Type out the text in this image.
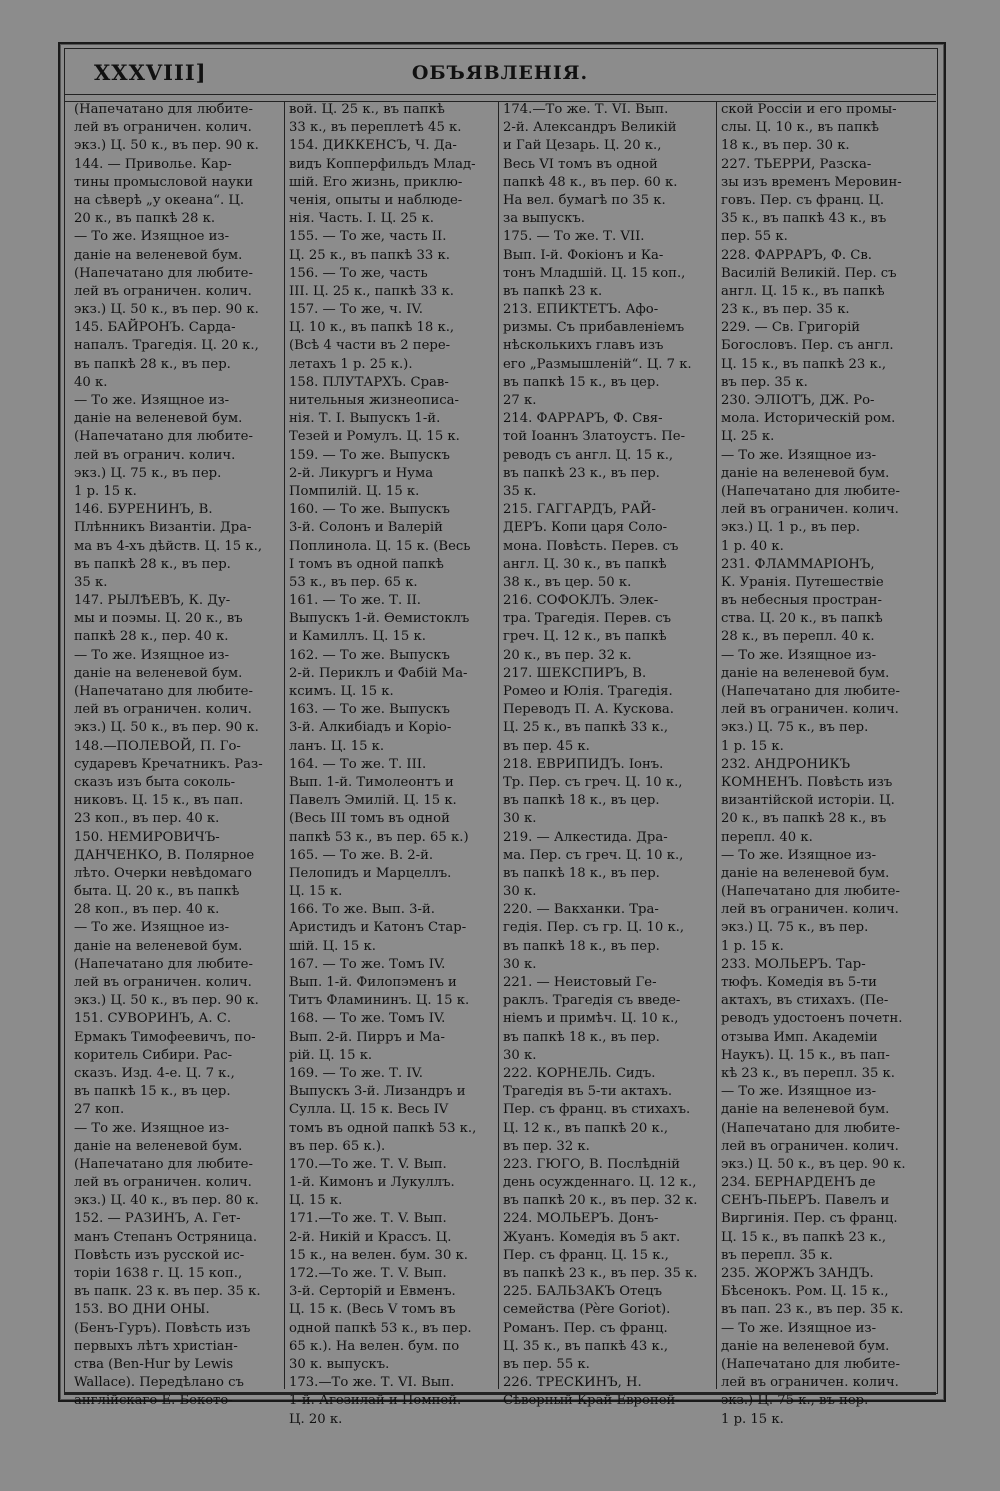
XXXVIII]	ОБЪЯВЛЕНІЯ.
(Напечатано для любите-
лей въ ограничен. колич.
экз.) Ц. 50 к., въ пер. 90 к.
144. — Приволье. Кар-
тины промысловой науки
на сѣверѣ „у океана“. Ц.
20 к., въ папкѣ 28 к.
— То же. Изящное из-
даніе на веленевой бум.
(Напечатано для любите-
лей въ ограничен. колич.
экз.) Ц. 50 к., въ пер. 90 к.
145. БАЙРОНЪ. Сарда-
напалъ. Трагедія. Ц. 20 к.,
въ папкѣ 28 к., въ пер.
40 к.
— То же. Изящное из-
даніе на веленевой бум.
(Напечатано для любите-
лей въ огранич. колич.
экз.) Ц. 75 к., въ пер.
1 р. 15 к.
146. БУРЕНИНЪ, В.
Плѣнникъ Византіи. Дра-
ма въ 4-хъ дѣйств. Ц. 15 к.,
въ папкѣ 28 к., въ пер.
35 к.
147. РЫЛѢЕВЪ, К. Ду-
мы и поэмы. Ц. 20 к., въ
папкѣ 28 к., пер. 40 к.
— То же. Изящное из-
даніе на веленевой бум.
(Напечатано для любите-
лей въ ограничен. колич.
экз.) Ц. 50 к., въ пер. 90 к.
148.—ПОЛЕВОЙ, П. Го-
сударевъ Кречатникъ. Раз-
сказъ изъ быта соколь-
никовъ. Ц. 15 к., въ пап.
23 коп., въ пер. 40 к.
150. НЕМИРОВИЧЪ-
ДАНЧЕНКО, В. Полярное
лѣто. Очерки невѣдомаго
быта. Ц. 20 к., въ папкѣ
28 коп., въ пер. 40 к.
— То же. Изящное из-
даніе на веленевой бум.
(Напечатано для любите-
лей въ ограничен. колич.
экз.) Ц. 50 к., въ пер. 90 к.
151. СУВОРИНЪ, А. С.
Ермакъ Тимофеевичъ, по-
коритель Сибири. Рас-
сказъ. Изд. 4-е. Ц. 7 к.,
въ папкѣ 15 к., въ цер.
27 коп.
— То же. Изящное из-
даніе на веленевой бум.
(Напечатано для любите-
лей въ ограничен. колич.
экз.) Ц. 40 к., въ пер. 80 к.
152. — РАЗИНЪ, А. Гет-
манъ Степанъ Остряница.
Повѣсть изъ русской ис-
торіи 1638 г. Ц. 15 коп.,
въ папк. 23 к. въ пер. 35 к.
153. ВО ДНИ ОНЫ.
(Бенъ-Гуръ). Повѣсть изъ
первыхъ лѣтъ христіан-
ства (Ben-Hur by Lewis
Wallace). Передѣлано съ
англійскаго Е. Бекето-
вой. Ц. 25 к., въ папкѣ
33 к., въ переплетѣ 45 к.
154. ДИККЕНСЪ, Ч. Да-
видъ Копперфильдъ Млад-
шій. Его жизнь, приклю-
ченія, опыты и наблюде-
нія. Часть. I. Ц. 25 к.
155. — То же, часть II.
Ц. 25 к., въ папкѣ 33 к.
156. — То же, часть
III. Ц. 25 к., папкѣ 33 к.
157. — То же, ч. IV.
Ц. 10 к., въ папкѣ 18 к.,
(Всѣ 4 части въ 2 пере-
летахъ 1 р. 25 к.).
158. ПЛУТАРХЪ. Срав-
нительныя жизнеописа-
нія. Т. I. Выпускъ 1-й.
Тезей и Ромулъ. Ц. 15 к.
159. — То же. Выпускъ
2-й. Ликургъ и Нума
Помпилій. Ц. 15 к.
160. — То же. Выпускъ
3-й. Солонъ и Валерій
Поплинола. Ц. 15 к. (Весь
I томъ въ одной папкѣ
53 к., въ пер. 65 к.
161. — То же. Т. II.
Выпускъ 1-й. Ѳемистоклъ
и Камиллъ. Ц. 15 к.
162. — То же. Выпускъ
2-й. Периклъ и Фабій Ма-
ксимъ. Ц. 15 к.
163. — То же. Выпускъ
3-й. Алкибіадъ и Коріо-
ланъ. Ц. 15 к.
164. — То же. Т. III.
Вып. 1-й. Тимолеонтъ и
Павелъ Эмилій. Ц. 15 к.
(Весь III томъ въ одной
папкѣ 53 к., въ пер. 65 к.)
165. — То же. В. 2-й.
Пелопидъ и Марцеллъ.
Ц. 15 к.
166. То же. Вып. 3-й.
Аристидъ и Катонъ Стар-
шій. Ц. 15 к.
167. — То же. Томъ IV.
Вып. 1-й. Филопэменъ и
Титъ Фламининъ. Ц. 15 к.
168. — То же. Томъ IV.
Вып. 2-й. Пирръ и Ма-
рій. Ц. 15 к.
169. — То же. Т. IV.
Выпускъ 3-й. Лизандръ и
Сулла. Ц. 15 к. Весь IV
томъ въ одной папкѣ 53 к.,
въ пер. 65 к.).
170.—То же. Т. V. Вып.
1-й. Кимонъ и Лукуллъ.
Ц. 15 к.
171.—То же. Т. V. Вып.
2-й. Никій и Крассъ. Ц.
15 к., на велен. бум. 30 к.
172.—То же. Т. V. Вып.
3-й. Серторій и Евменъ.
Ц. 15 к. (Весь V томъ въ
одной папкѣ 53 к., въ пер.
65 к.). На велен. бум. по
30 к. выпускъ.
173.—То же. Т. VI. Вып.
1-й. Агезилай и Помпей.
Ц. 20 к.
174.—То же. Т. VI. Вып.
2-й. Александръ Великій
и Гай Цезарь. Ц. 20 к.,
Весь VI томъ въ одной
папкѣ 48 к., въ пер. 60 к.
На вел. бумагѣ по 35 к.
за выпускъ.
175. — То же. Т. VII.
Вып. I-й. Фокіонъ и Ка-
тонъ Младшій. Ц. 15 коп.,
въ папкѣ 23 к.
213. ЕПИКТЕТЪ. Афо-
ризмы. Съ прибавленіемъ
нѣсколькихъ главъ изъ
его „Размышленій“. Ц. 7 к.
въ папкѣ 15 к., въ цер.
27 к.
214. ФАРРАРЪ, Ф. Свя-
той Іоаннъ Златоустъ. Пе-
реводъ съ англ. Ц. 15 к.,
въ папкѣ 23 к., въ пер.
35 к.
215. ГАГГАРДЪ, РАЙ-
ДЕРЪ. Копи царя Соло-
мона. Повѣсть. Перев. съ
англ. Ц. 30 к., въ папкѣ
38 к., въ цер. 50 к.
216. СОФОКЛЪ. Элек-
тра. Трагедія. Перев. съ
греч. Ц. 12 к., въ папкѣ
20 к., въ пер. 32 к.
217. ШЕКСПИРЪ, В.
Ромео и Юлія. Трагедія.
Переводъ П. А. Кускова.
Ц. 25 к., въ папкѣ 33 к.,
въ пер. 45 к.
218. ЕВРИПИДЪ. Іонъ.
Тр. Пер. съ греч. Ц. 10 к.,
въ папкѣ 18 к., въ цер.
30 к.
219. — Алкестида. Дра-
ма. Пер. съ греч. Ц. 10 к.,
въ папкѣ 18 к., въ пер.
30 к.
220. — Вакханки. Тра-
гедія. Пер. съ гр. Ц. 10 к.,
въ папкѣ 18 к., въ пер.
30 к.
221. — Неистовый Ге-
раклъ. Трагедія съ введе-
ніемъ и примѣч. Ц. 10 к.,
въ папкѣ 18 к., въ пер.
30 к.
222. КОРНЕЛЬ. Сидъ.
Трагедія въ 5-ти актахъ.
Пер. съ франц. въ стихахъ.
Ц. 12 к., въ папкѣ 20 к.,
въ пер. 32 к.
223. ГЮГО, В. Послѣдній
день осужденнаго. Ц. 12 к.,
въ папкѣ 20 к., въ пер. 32 к.
224. МОЛЬЕРЪ. Донъ-
Жуанъ. Комедія въ 5 акт.
Пер. съ франц. Ц. 15 к.,
въ папкѣ 23 к., въ пер. 35 к.
225. БАЛЬЗАКЪ Отецъ
семейства (Père Goriot).
Романъ. Пер. съ франц.
Ц. 35 к., въ папкѣ 43 к.,
въ пер. 55 к.
226. ТРЕСКИНЪ, Н.
Сѣверный Край Европей-
ской Россіи и его промы-
слы. Ц. 10 к., въ папкѣ
18 к., въ пер. 30 к.
227. ТЬЕРРИ, Разска-
зы изъ временъ Меровин-
говъ. Пер. съ франц. Ц.
35 к., въ папкѣ 43 к., въ
пер. 55 к.
228. ФАРРАРЪ, Ф. Св.
Василій Великій. Пер. съ
англ. Ц. 15 к., въ папкѣ
23 к., въ пер. 35 к.
229. — Св. Григорій
Богословъ. Пер. съ англ.
Ц. 15 к., въ папкѣ 23 к.,
въ пер. 35 к.
230. ЭЛІОТЪ, ДЖ. Ро-
мола. Историческій ром.
Ц. 25 к.
— То же. Изящное из-
даніе на веленевой бум.
(Напечатано для любите-
лей въ ограничен. колич.
экз.) Ц. 1 р., въ пер.
1 р. 40 к.
231. ФЛАММАРІОНЪ,
К. Уранія. Путешествіе
въ небесныя простран-
ства. Ц. 20 к., въ папкѣ
28 к., въ перепл. 40 к.
— То же. Изящное из-
даніе на веленевой бум.
(Напечатано для любите-
лей въ ограничен. колич.
экз.) Ц. 75 к., въ пер.
1 р. 15 к.
232. АНДРОНИКЪ
КОМНЕНЪ. Повѣсть изъ
византійской исторіи. Ц.
20 к., въ папкѣ 28 к., въ
перепл. 40 к.
— То же. Изящное из-
даніе на веленевой бум.
(Напечатано для любите-
лей въ ограничен. колич.
экз.) Ц. 75 к., въ пер.
1 р. 15 к.
233. МОЛЬЕРЪ. Тар-
тюфъ. Комедія въ 5-ти
актахъ, въ стихахъ. (Пе-
реводъ удостоенъ почетн.
отзыва Имп. Академіи
Наукъ). Ц. 15 к., въ пап-
кѣ 23 к., въ перепл. 35 к.
— То же. Изящное из-
даніе на веленевой бум.
(Напечатано для любите-
лей въ ограничен. колич.
экз.) Ц. 50 к., въ цер. 90 к.
234. БЕРНАРДЕНЪ де
СЕНЪ-ПЬЕРЪ. Павелъ и
Виргинія. Пер. съ франц.
Ц. 15 к., въ папкѣ 23 к.,
въ перепл. 35 к.
235. ЖОРЖЪ ЗАНДЪ.
Бѣсенокъ. Ром. Ц. 15 к.,
въ пап. 23 к., въ пер. 35 к.
— То же. Изящное из-
даніе на веленевой бум.
(Напечатано для любите-
лей въ ограничен. колич.
экз.) Ц. 75 к., въ пер.
1 р. 15 к.
